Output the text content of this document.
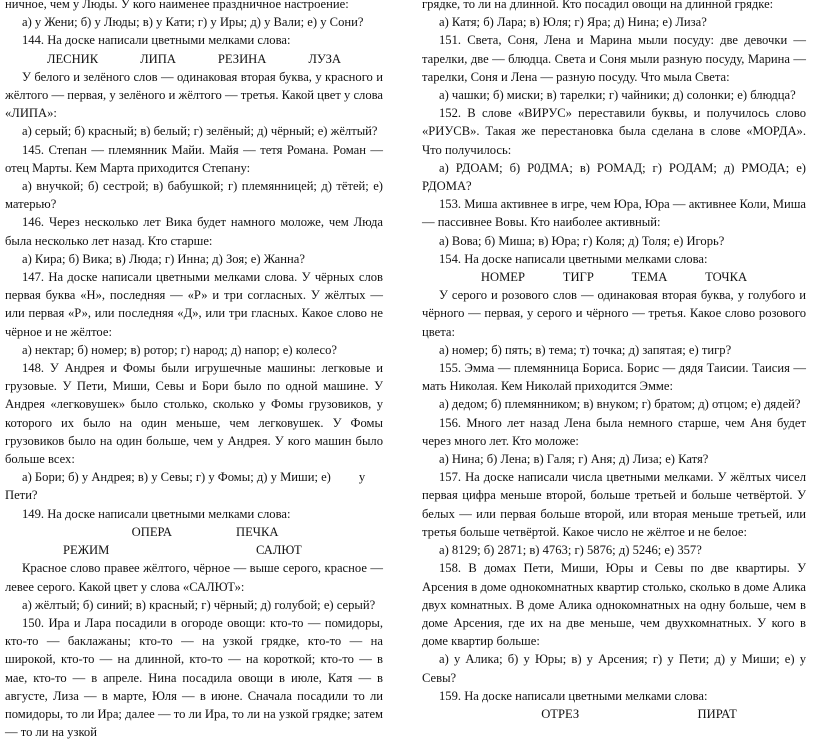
ничное, чем у Люды. У кого наименее праздничное настроение:

а) у Жени; б) у Люды; в) у Кати; г) у Иры; д) у Вали; е) у Сони?

144. На доске написали цветными мелками слова:

ЛЕСНИК	ЛИПА	РЕЗИНА	ЛУЗА

У белого и зелёного слов — одинаковая вторая буква, у красного и жёлтого — первая, у зелёного и жёлтого — третья. Какой цвет у слова «ЛИПА»:

а) серый; б) красный; в) белый; г) зелёный; д) чёрный; е) жёлтый?

145. Степан — племянник Майи. Майя — тетя Романа. Роман — отец Марты. Кем Марта приходится Степану:

а) внучкой; б) сестрой; в) бабушкой; г) племянницей; д) тётей; е) матерью?

146. Через несколько лет Вика будет намного моложе, чем Люда была несколько лет назад. Кто старше:

а) Кира; б) Вика; в) Люда; г) Инна; д) Зоя; е) Жанна?

147. На доске написали цветными мелками слова. У чёрных слов первая буква «Н», последняя — «Р» и три согласных. У жёлтых — или первая «Р», или последняя «Д», или три гласных. Какое слово не чёрное и не жёлтое:

а) нектар; б) номер; в) ротор; г) народ; д) напор; е) колесо?

148. У Андрея и Фомы были игрушечные машины: легковые и грузовые. У Пети, Миши, Севы и Бори было по одной машине. У Андрея «легковушек» было столько, сколько у Фомы грузовиков, у которого их было на один меньше, чем легковушек. У Фомы грузовиков было на один больше, чем у Андрея. У кого машин было больше всех:

а) Бори; б) у Андрея; в) у Севы; г) у Фомы; д) у Миши; е) у

Пети?

149. На доске написали цветными мелками слова:

ОПЕРА	ПЕЧКА
РЕЖИМ	САЛЮТ

Красное слово правее жёлтого, чёрное — выше серого, красное — левее серого. Какой цвет у слова «САЛЮТ»:

а) жёлтый; б) синий; в) красный; г) чёрный; д) голубой; е) серый?

150. Ира и Лара посадили в огороде овощи: кто-то — помидоры, кто-то — баклажаны; кто-то — на узкой грядке, кто-то — на широкой, кто-то — на длинной, кто-то — на короткой; кто-то — в мае, кто-то — в апреле. Нина посадила овощи в июле, Катя — в августе, Лиза — в марте, Юля — в июне. Сначала посадили то ли помидоры, то ли Ира; далее — то ли Ира, то ли на узкой грядке; затем — то ли на узкой

грядке, то ли на длинной. Кто посадил овощи на длинной грядке:

а) Катя; б) Лара; в) Юля; г) Яра; д) Нина; е) Лиза?

151. Света, Соня, Лена и Марина мыли посуду: две девочки — тарелки, две — блюдца. Света и Соня мыли разную посуду, Марина — тарелки, Соня и Лена — разную посуду. Что мыла Света:

а) чашки; б) миски; в) тарелки; г) чайники; д) солонки; е) блюдца?

152. В слове «ВИРУС» переставили буквы, и получилось слово «РИУСВ». Такая же перестановка была сделана в слове «МОРДА». Что получилось:

а) РДОАМ; б) Р0ДМА; в) РОМАД; г) РОДАМ; д) РМОДА; е) РДОМА?

153. Миша активнее в игре, чем Юра, Юра — активнее Коли, Миша — пассивнее Вовы. Кто наиболее активный:

а) Вова; б) Миша; в) Юра; г) Коля; д) Толя; е) Игорь?

154. На доске написали цветными мелками слова:

НОМЕР	ТИГР	ТЕМА	ТОЧКА

У серого и розового слов — одинаковая вторая буква, у голубого и чёрного — первая, у серого и чёрного — третья. Какое слово розового цвета:

а) номер; б) пять; в) тема; т) точка; д) запятая; е) тигр?

155. Эмма — племянница Бориса. Борис — дядя Таисии. Таисия — мать Николая. Кем Николай приходится Эмме:

а) дедом; б) племянником; в) внуком; г) братом; д) отцом; е) дядей?

156. Много лет назад Лена была немного старше, чем Аня будет через много лет. Кто моложе:

а) Нина; б) Лена; в) Галя; г) Аня; д) Лиза; е) Катя?

157. На доске написали числа цветными мелками. У жёлтых чисел первая цифра меньше второй, больше третьей и больше четвёртой. У белых — или первая больше второй, или вторая меньше третьей, или третья больше четвёртой. Какое число не жёлтое и не белое:

а) 8129; б) 2871; в) 4763; г) 5876; д) 5246; е) 357?

158. В домах Пети, Миши, Юры и Севы по две квартиры. У Арсения в доме однокомнатных квартир столько, сколько в доме Алика двух комнатных. В доме Алика однокомнатных на одну больше, чем в доме Арсения, где их на две меньше, чем двухкомнатных. У кого в доме квартир больше:

а) у Алика; б) у Юры; в) у Арсения; г) у Пети; д) у Миши; е) у Севы?

159. На доске написали цветными мелками слова:

ОТРЕЗ	ПИРАТ
